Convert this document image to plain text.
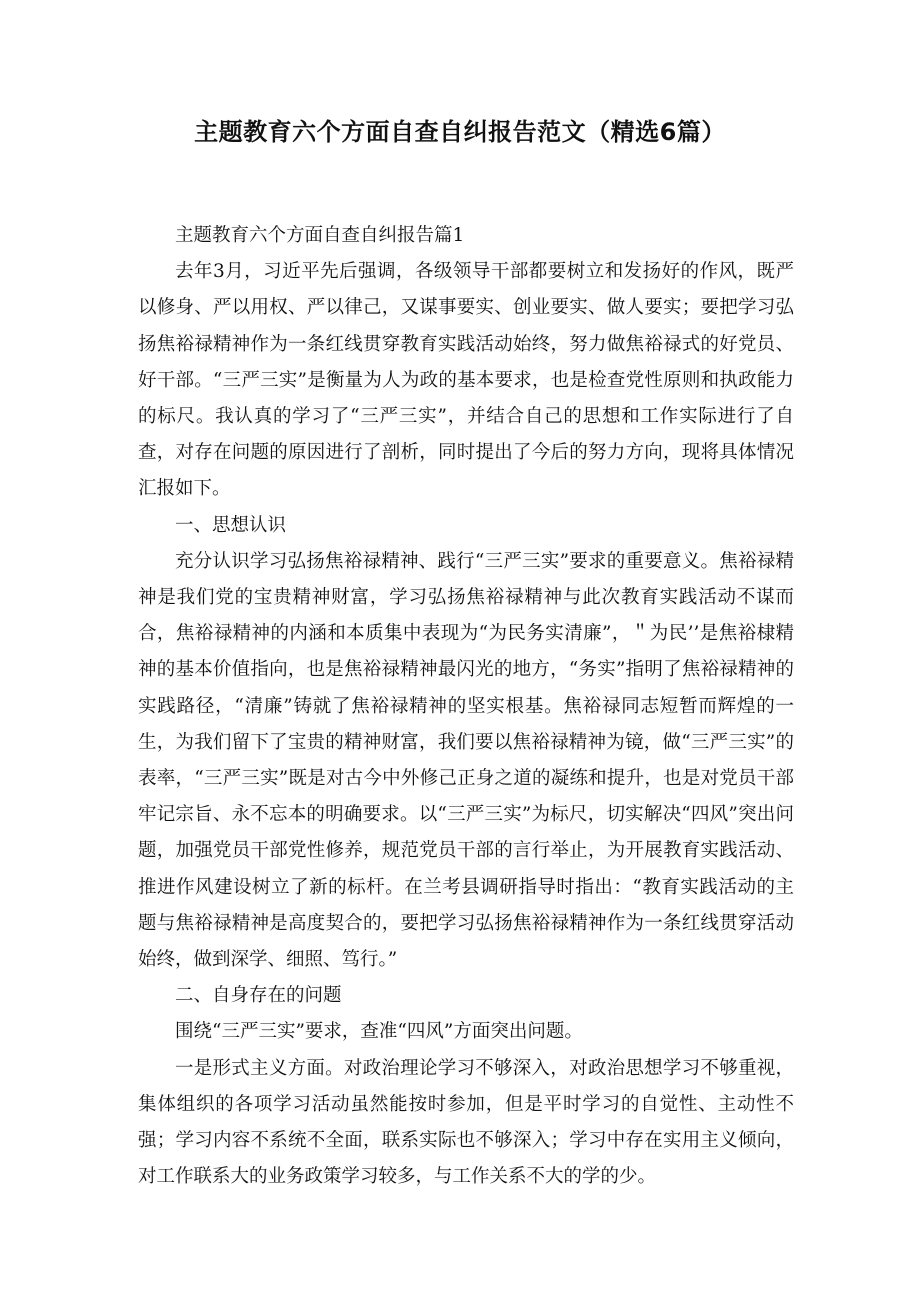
主题教育六个方面自查自纠报告范文（精选6篇）

主题教育六个方面自查自纠报告篇1

去年3月，习近平先后强调，各级领导干部都要树立和发扬好的作风，既严以修身、严以用权、严以律己，又谋事要实、创业要实、做人要实；要把学习弘扬焦裕禄精神作为一条红线贯穿教育实践活动始终，努力做焦裕禄式的好党员、好干部。“三严三实”是衡量为人为政的基本要求，也是检查党性原则和执政能力的标尺。我认真的学习了“三严三实”，并结合自己的思想和工作实际进行了自查，对存在问题的原因进行了剖析，同时提出了今后的努力方向，现将具体情况汇报如下。

一、思想认识

充分认识学习弘扬焦裕禄精神、践行“三严三实”要求的重要意义。焦裕禄精神是我们党的宝贵精神财富，学习弘扬焦裕禄精神与此次教育实践活动不谋而合，焦裕禄精神的内涵和本质集中表现为“为民务实清廉”，＂为民’’是焦裕棣精神的基本价值指向，也是焦裕禄精神最闪光的地方，“务实”指明了焦裕禄精神的实践路径，“清廉”铸就了焦裕禄精神的坚实根基。焦裕禄同志短暂而辉煌的一生，为我们留下了宝贵的精神财富，我们要以焦裕禄精神为镜，做“三严三实”的表率，“三严三实”既是对古今中外修己正身之道的凝练和提升，也是对党员干部牢记宗旨、永不忘本的明确要求。以“三严三实”为标尺，切实解决“四风”突出问题，加强党员干部党性修养，规范党员干部的言行举止，为开展教育实践活动、推进作风建设树立了新的标杆。在兰考县调研指导时指出：“教育实践活动的主题与焦裕禄精神是高度契合的，要把学习弘扬焦裕禄精神作为一条红线贯穿活动始终，做到深学、细照、笃行。”

二、自身存在的问题

围绕“三严三实”要求，查准“四风”方面突出问题。

一是形式主义方面。对政治理论学习不够深入，对政治思想学习不够重视，集体组织的各项学习活动虽然能按时参加，但是平时学习的自觉性、主动性不强；学习内容不系统不全面，联系实际也不够深入；学习中存在实用主义倾向，对工作联系大的业务政策学习较多，与工作关系不大的学的少。
